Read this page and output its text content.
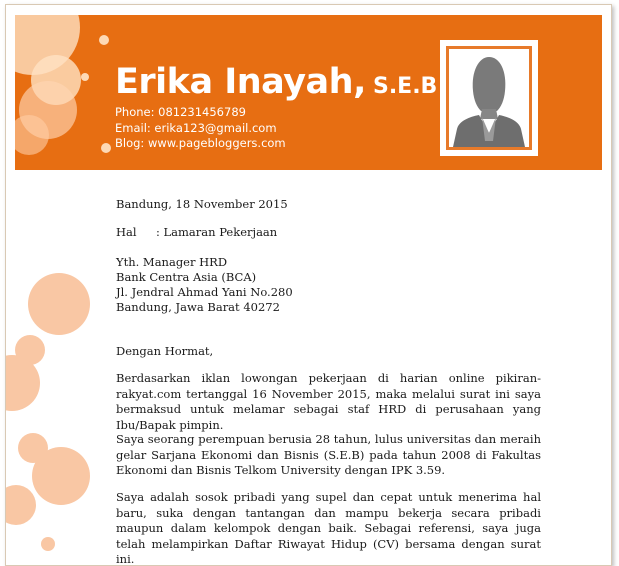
Erika Inayah, S.E.B
Phone: 081231456789
Email: erika123@gmail.com
Blog: www.pagebloggers.com
Bandung, 18 November 2015
Hal : Lamaran Pekerjaan
Yth. Manager HRD
Bank Centra Asia (BCA)
Jl. Jendral Ahmad Yani No.280
Bandung, Jawa Barat 40272
Dengan Hormat,
Berdasarkan iklan lowongan pekerjaan di harian online pikiran-rakyat.com tertanggal 16 November 2015, maka melalui surat ini saya bermaksud untuk melamar sebagai staf HRD di perusahaan yang Ibu/Bapak pimpin.
Saya seorang perempuan berusia 28 tahun, lulus universitas dan meraih gelar Sarjana Ekonomi dan Bisnis (S.E.B) pada tahun 2008 di Fakultas Ekonomi dan Bisnis Telkom University dengan IPK 3.59.
Saya adalah sosok pribadi yang supel dan cepat untuk menerima hal baru, suka dengan tantangan dan mampu bekerja secara pribadi maupun dalam kelompok dengan baik. Sebagai referensi, saya juga telah melampirkan Daftar Riwayat Hidup (CV) bersama dengan surat ini.
